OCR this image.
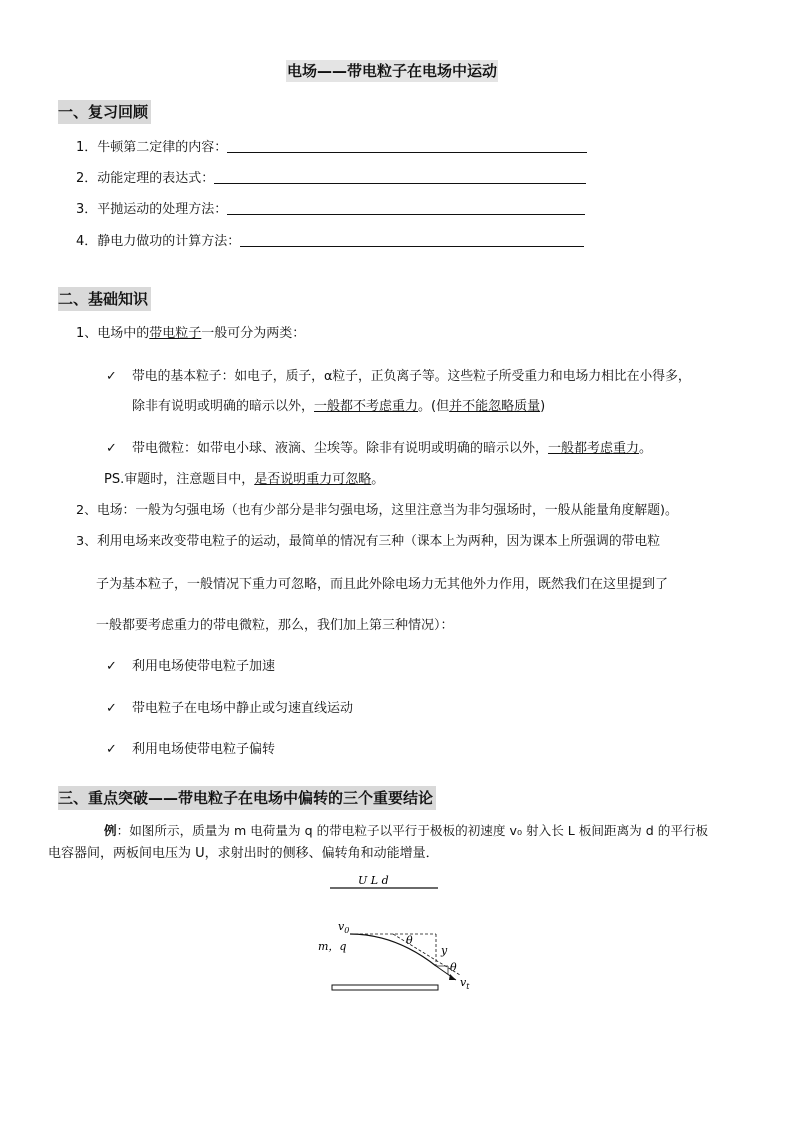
电场——带电粒子在电场中运动
一、复习回顾
1．牛顿第二定律的内容：
2．动能定理的表达式：
3．平抛运动的处理方法：
4．静电力做功的计算方法：
二、基础知识
1、电场中的带电粒子一般可分为两类：
✓ 带电的基本粒子：如电子，质子，α粒子，正负离子等。这些粒子所受重力和电场力相比在小得多，
除非有说明或明确的暗示以外，一般都不考虑重力。(但并不能忽略质量)
✓ 带电微粒：如带电小球、液滴、尘埃等。除非有说明或明确的暗示以外，一般都考虑重力。
PS.审题时，注意题目中，是否说明重力可忽略。
2、电场：一般为匀强电场（也有少部分是非匀强电场，这里注意当为非匀强场时，一般从能量角度解题)。
3、利用电场来改变带电粒子的运动，最简单的情况有三种（课本上为两种，因为课本上所强调的带电粒
子为基本粒子，一般情况下重力可忽略，而且此外除电场力无其他外力作用，既然我们在这里提到了
一般都要考虑重力的带电微粒，那么，我们加上第三种情况）：
✓ 利用电场使带电粒子加速
✓ 带电粒子在电场中静止或匀速直线运动
✓ 利用电场使带电粒子偏转
三、重点突破——带电粒子在电场中偏转的三个重要结论
例：如图所示，质量为 m 电荷量为 q 的带电粒子以平行于极板的初速度 v₀ 射入长 L 板间距离为 d 的平行板
电容器间，两板间电压为 U，求射出时的侧移、偏转角和动能增量．
U L d
$v_0$
m，q	θ
y
θ
$v_t$
